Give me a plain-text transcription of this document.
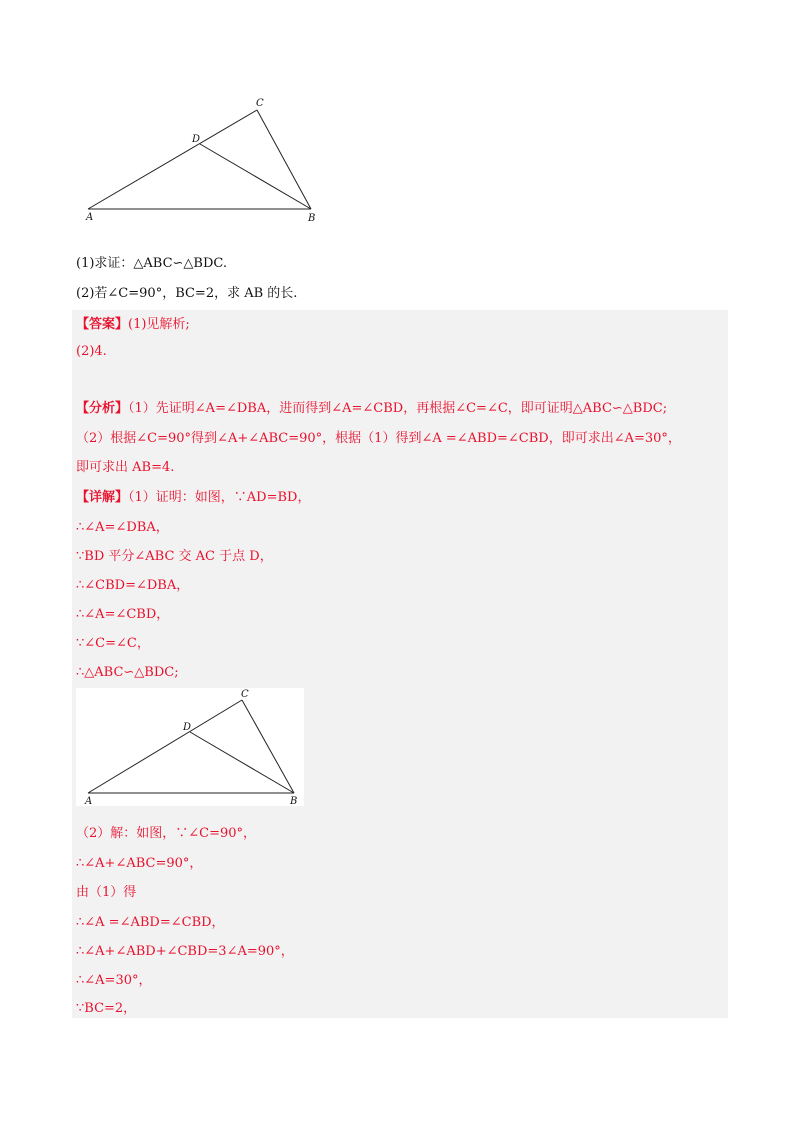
A	B
C
D
(1)求证：△ABC∽△BDC.
(2)若∠C=90°，BC=2，求 AB 的长.
【答案】(1)见解析;
(2)4.
【分析】（1）先证明∠A=∠DBA，进而得到∠A=∠CBD，再根据∠C=∠C，即可证明△ABC∽△BDC;
（2）根据∠C=90°得到∠A+∠ABC=90°，根据（1）得到∠A =∠ABD=∠CBD，即可求出∠A=30°，
即可求出 AB=4.
【详解】（1）证明：如图，∵AD=BD，
∴∠A=∠DBA，
∵BD 平分∠ABC 交 AC 于点 D，
∴∠CBD=∠DBA，
∴∠A=∠CBD，
∵∠C=∠C，
∴△ABC∽△BDC;
A	B
C
D
（2）解：如图，∵∠C=90°，
∴∠A+∠ABC=90°，
由（1）得
∴∠A =∠ABD=∠CBD，
∴∠A+∠ABD+∠CBD=3∠A=90°，
∴∠A=30°，
∵BC=2，
